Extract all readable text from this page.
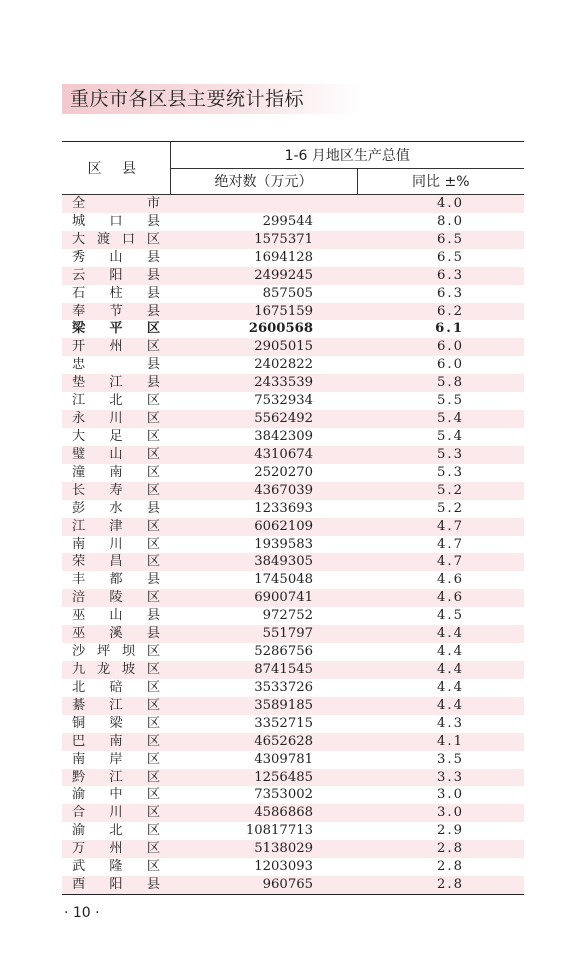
重庆市各区县主要统计指标
区 县	1-6 月地区生产总值	
	绝对数（万元）	同比 ±%

全 市		4.0

城 口 县	299544	8.0

大 渡 口 区	1575371	6.5

秀 山 县	1694128	6.5

云 阳 县	2499245	6.3

石 柱 县	857505	6.3

奉 节 县	1675159	6.2

梁 平 区	2600568	6.1

开 州 区	2905015	6.0

忠 县	2402822	6.0

垫 江 县	2433539	5.8

江 北 区	7532934	5.5

永 川 区	5562492	5.4

大 足 区	3842309	5.4

璧 山 区	4310674	5.3

潼 南 区	2520270	5.3

长 寿 区	4367039	5.2

彭 水 县	1233693	5.2

江 津 区	6062109	4.7

南 川 区	1939583	4.7

荣 昌 区	3849305	4.7

丰 都 县	1745048	4.6

涪 陵 区	6900741	4.6

巫 山 县	972752	4.5

巫 溪 县	551797	4.4

沙 坪 坝 区	5286756	4.4

九 龙 坡 区	8741545	4.4

北 碚 区	3533726	4.4

綦 江 区	3589185	4.4

铜 梁 区	3352715	4.3

巴 南 区	4652628	4.1

南 岸 区	4309781	3.5

黔 江 区	1256485	3.3

渝 中 区	7353002	3.0

合 川 区	4586868	3.0

渝 北 区	10817713	2.9

万 州 区	5138029	2.8

武 隆 区	1203093	2.8

酉 阳 县	960765	2.8
· 10 ·
